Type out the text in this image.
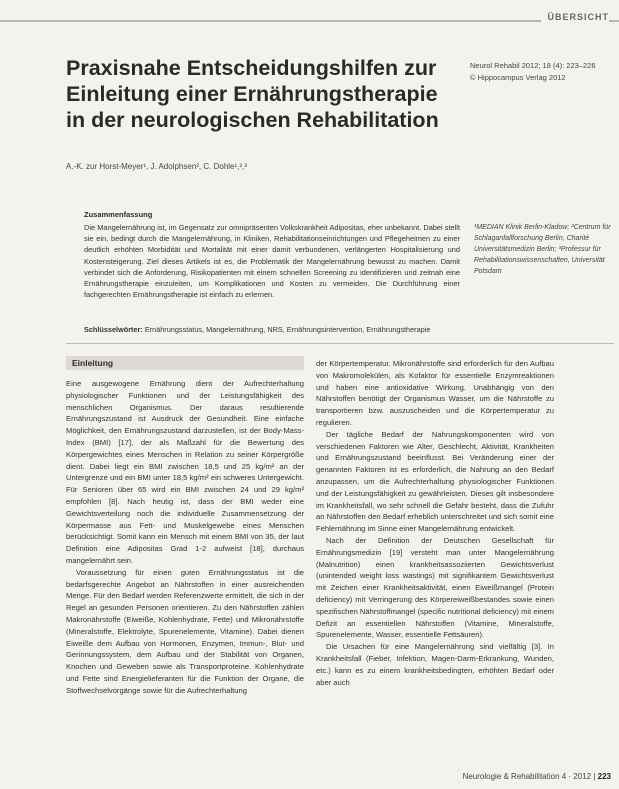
ÜBERSICHT
Praxisnahe Entscheidungshilfen zur Einleitung einer Ernährungstherapie in der neurologischen Rehabilitation
Neurol Rehabil 2012; 18 (4): 223–226
© Hippocampus Verlag 2012
A.-K. zur Horst-Meyer¹, J. Adolphsen², C. Dohle¹,²,³
Zusammenfassung
Die Mangelernährung ist, im Gegensatz zur omnipräsenten Volkskrankheit Adipositas, eher unbekannt. Dabei stellt sie ein, bedingt durch die Mangelernährung, in Kliniken, Rehabilitationseinrichtungen und Pflegeheimen zu einer deutlich erhöhten Morbidität und Mortalität mit einer damit verbundenen, verlängerten Hospitalisierung und Kostensteigerung. Ziel dieses Artikels ist es, die Problematik der Mangelernährung bewusst zu machen. Damit verbindet sich die Anforderung, Risikopatienten mit einem schnellen Screening zu identifizieren und zeitnah eine Ernährungstherapie einzuleiten, um Komplikationen und Kosten zu vermeiden. Die Durchführung einer fachgerechten Ernährungstherapie ist einfach zu erlernen.
¹MEDIAN Klinik Berlin-Kladow; ²Centrum für Schlaganfallforschung Berlin, Charité Universitätsmedizin Berlin; ³Professur für Rehabilitationswissenschaften, Universität Potsdam
Schlüsselwörter: Ernährungsstatus, Mangelernährung, NRS, Ernährungsintervention, Ernährungstherapie
Einleitung

Eine ausgewogene Ernährung dient der Aufrechterhaltung physiologischer Funktionen und der Leistungsfähigkeit des menschlichen Organismus. Der daraus resultierende Ernährungszustand ist Ausdruck der Gesundheit. Eine einfache Möglichkeit, den Ernährungszustand darzustellen, ist der Body-Mass-Index (BMI) [17], der als Maßzahl für die Bewertung des Körpergewichtes eines Menschen in Relation zu seiner Körpergröße dient. Dabei liegt ein BMI zwischen 18,5 und 25 kg/m² an der Untergrenze und ein BMI unter 18,5 kg/m² ein schweres Untergewicht. Für Senioren über 65 wird ein BMI zwischen 24 und 29 kg/m² empfohlen [8]. Nach heutig ist, dass der BMI weder eine Gewichtsverteilung noch die individuelle Zusammensetzung der Körpermasse aus Fett- und Muskelgewebe eines Menschen berücksichtigt. Somit kann ein Mensch mit einem BMI von 35, der laut Definition eine Adipositas Grad 1-2 aufweist [18], durchaus mangelernährt sein.

Voraussetzung für einen guten Ernährungsstatus ist die bedarfsgerechte Angebot an Nährstoffen in einer ausreichenden Menge. Für den Bedarf werden Referenzwerte ermittelt, die sich in der Regel an gesunden Personen orientieren. Zu den Nährstoffen zählen Makronährstoffe (Eiweiße, Kohlenhydrate, Fette) und Mikronährstoffe (Mineralstoffe, Elektrolyte, Spurenelemente, Vitamine). Dabei dienen Eiweiße dem Aufbau von Hormonen, Enzymen, Immun-, Blut- und Gerinnungssystem, dem Aufbau und der Stabilität von Organen, Knochen und Geweben sowie als Transportproteine. Kohlenhydrate und Fette sind Energielieferanten für die Funktion der Organe, die Stoffwechselvorgänge sowie für die Aufrechterhaltung

der Körpertemperatur. Mikronährstoffe sind erforderlich für den Aufbau von Makromolekülen, als Kofaktor für essentielle Enzymreaktionen und haben eine antioxidative Wirkung. Unabhängig von den Nährstoffen benötigt der Organismus Wasser, um die Nährstoffe zu transportieren bzw. auszuscheiden und die Körpertemperatur zu regulieren.

Der tägliche Bedarf der Nahrungskomponenten wird von verschiedenen Faktoren wie Alter, Geschlecht, Aktivität, Krankheiten und Ernährungszustand beeinflusst. Bei Veränderung einer der genannten Faktoren ist es erforderlich, die Nahrung an den Bedarf anzupassen, um die Aufrechterhaltung physiologischer Funktionen und der Leistungsfähigkeit zu gewährleisten. Dieses gilt insbesondere im Krankheitsfall, wo sehr schnell die Gefahr besteht, dass die Zufuhr an Nährstoffen den Bedarf erheblich unterschreitet und sich somit eine Fehlernährung im Sinne einer Mangelernährung entwickelt.

Nach der Definition der Deutschen Gesellschaft für Ernährungsmedizin [19] versteht man unter Mangelernährung (Malnutrition) einen krankheitsassoziierten Gewichtsverlust (unintended weight loss wastings) mit signifikantem Gewichtsverlust mit Zeichen einer Krankheitsaktivität, einen Eiweißmangel (Protein deficiency) mit Verringerung des Körpereiweißbestandes sowie einen spezifischen Nährstoffmangel (specific nutritional deficiency) mit einem Defizit an essentiellen Nährstoffen (Vitamine, Mineralstoffe, Spurenelemente, Wasser, essentielle Fettsäuren).

Die Ursachen für eine Mangelernährung sind vielfältig [3]. In Krankheitsfall (Fieber, Infektion, Magen-Darm-Erkrankung, Wunden, etc.) kann es zu einem krankheitsbedingten, erhöhten Bedarf oder aber auch

Neurologie & Rehabilitation 4 · 2012 | 223
